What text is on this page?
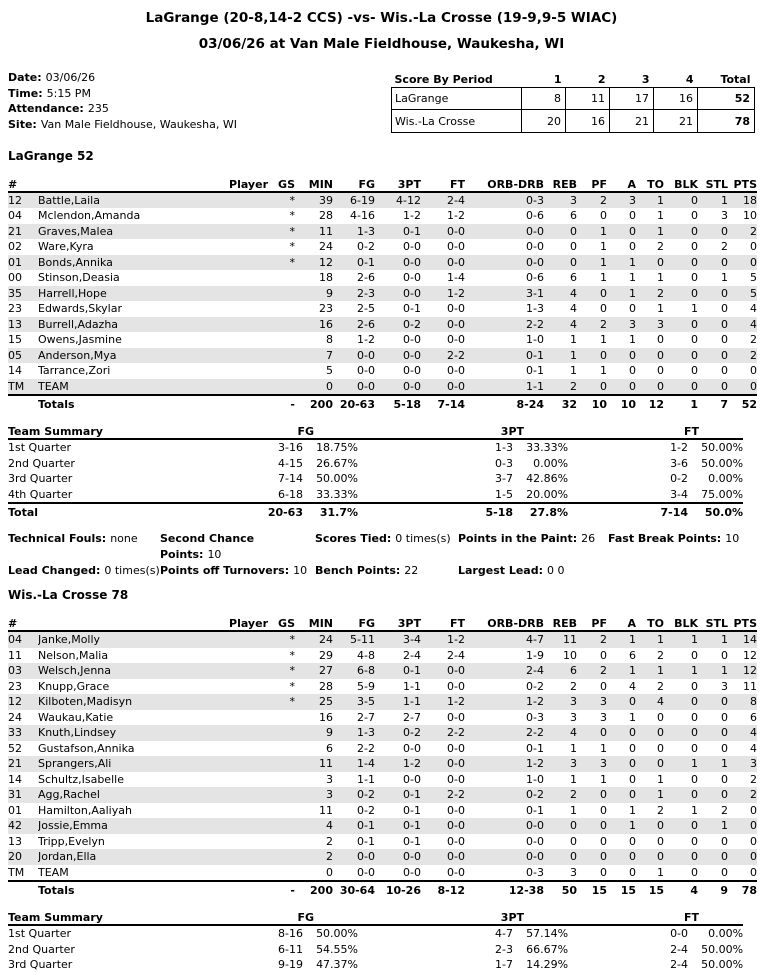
LaGrange (20-8,14-2 CCS) -vs- Wis.-La Crosse (19-9,9-5 WIAC)
03/06/26 at Van Male Fieldhouse, Waukesha, WI
Date: 03/06/26
Time: 5:15 PM
Attendance: 235
Site: Van Male Fieldhouse, Waukesha, WI
Score By Period	1	2	3	4	Total
LaGrange	8	11	17	16	52
Wis.-La Crosse	20	16	21	21	78
LaGrange 52
#	Player	GS	MIN	FG	3PT	FT	ORB-DRB	REB	PF	A	TO	BLK	STL	PTS
12	Battle,Laila	*	39	6-19	4-12	2-4	0-3	3	2	3	1	0	1	18
04	Mclendon,Amanda	*	28	4-16	1-2	1-2	0-6	6	0	0	1	0	3	10
21	Graves,Malea	*	11	1-3	0-1	0-0	0-0	0	1	0	1	0	0	2
02	Ware,Kyra	*	24	0-2	0-0	0-0	0-0	0	1	0	2	0	2	0
01	Bonds,Annika	*	12	0-1	0-0	0-0	0-0	0	1	1	0	0	0	0
00	Stinson,Deasia		18	2-6	0-0	1-4	0-6	6	1	1	1	0	1	5
35	Harrell,Hope		9	2-3	0-0	1-2	3-1	4	0	1	2	0	0	5
23	Edwards,Skylar		23	2-5	0-1	0-0	1-3	4	0	0	1	1	0	4
13	Burrell,Adazha		16	2-6	0-2	0-0	2-2	4	2	3	3	0	0	4
15	Owens,Jasmine		8	1-2	0-0	0-0	1-0	1	1	1	0	0	0	2
05	Anderson,Mya		7	0-0	0-0	2-2	0-1	1	0	0	0	0	0	2
14	Tarrance,Zori		5	0-0	0-0	0-0	0-1	1	1	0	0	0	0	0
TM	TEAM		0	0-0	0-0	0-0	1-1	2	0	0	0	0	0	0
	Totals	-	200	20-63	5-18	7-14	8-24	32	10	10	12	1	7	52
Team Summary	FG		3PT		FT	
1st Quarter	3-16	18.75%	1-3	33.33%	1-2	50.00%
2nd Quarter	4-15	26.67%	0-3	0.00%	3-6	50.00%
3rd Quarter	7-14	50.00%	3-7	42.86%	0-2	0.00%
4th Quarter	6-18	33.33%	1-5	20.00%	3-4	75.00%
Total	20-63	31.7%	5-18	27.8%	7-14	50.0%
Technical Fouls: none	Second Chance Points: 10
Scores Tied: 0 times(s) Points in the Paint: 26	Fast Break Points: 10
Lead Changed: 0 times(s) Points off Turnovers: 10 Bench Points: 22	Largest Lead: 0 0
Wis.-La Crosse 78
#	Player	GS	MIN	FG	3PT	FT	ORB-DRB	REB	PF	A	TO	BLK	STL	PTS
04	Janke,Molly	*	24	5-11	3-4	1-2	4-7	11	2	1	1	1	1	14
11	Nelson,Malia	*	29	4-8	2-4	2-4	1-9	10	0	6	2	0	0	12
03	Welsch,Jenna	*	27	6-8	0-1	0-0	2-4	6	2	1	1	1	1	12
23	Knupp,Grace	*	28	5-9	1-1	0-0	0-2	2	0	4	2	0	3	11
12	Kilboten,Madisyn	*	25	3-5	1-1	1-2	1-2	3	3	0	4	0	0	8
24	Waukau,Katie		16	2-7	2-7	0-0	0-3	3	3	1	0	0	0	6
33	Knuth,Lindsey		9	1-3	0-2	2-2	2-2	4	0	0	0	0	0	4
52	Gustafson,Annika		6	2-2	0-0	0-0	0-1	1	1	0	0	0	0	4
21	Sprangers,Ali		11	1-4	1-2	0-0	1-2	3	3	0	0	1	1	3
14	Schultz,Isabelle		3	1-1	0-0	0-0	1-0	1	1	0	1	0	0	2
31	Agg,Rachel		3	0-2	0-1	2-2	0-2	2	0	0	1	0	0	2
01	Hamilton,Aaliyah		11	0-2	0-1	0-0	0-1	1	0	1	2	1	2	0
42	Jossie,Emma		4	0-1	0-1	0-0	0-0	0	0	1	0	0	1	0
13	Tripp,Evelyn		2	0-1	0-1	0-0	0-0	0	0	0	0	0	0	0
20	Jordan,Ella		2	0-0	0-0	0-0	0-0	0	0	0	0	0	0	0
TM	TEAM		0	0-0	0-0	0-0	0-3	3	0	0	1	0	0	0
	Totals	-	200	30-64	10-26	8-12	12-38	50	15	15	15	4	9	78
Team Summary	FG		3PT		FT	
1st Quarter	8-16	50.00%	4-7	57.14%	0-0	0.00%
2nd Quarter	6-11	54.55%	2-3	66.67%	2-4	50.00%
3rd Quarter	9-19	47.37%	1-7	14.29%	2-4	50.00%
